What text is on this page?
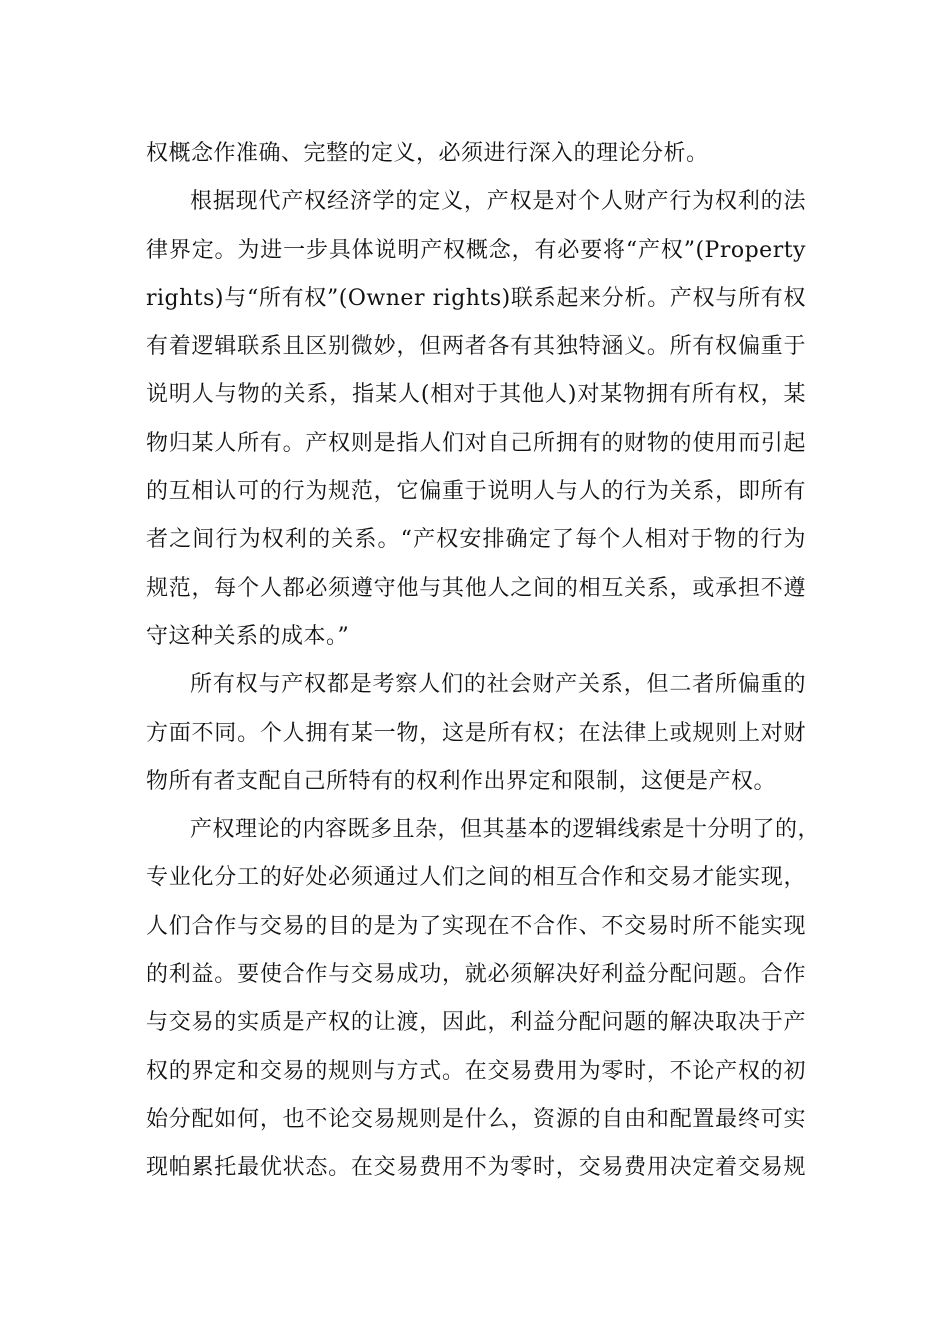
权概念作准确、完整的定义，必须进行深入的理论分析。
根据现代产权经济学的定义，产权是对个人财产行为权利的法
律界定。为进一步具体说明产权概念，有必要将“产权”(Property
rights)与“所有权”(Owner rights)联系起来分析。产权与所有权
有着逻辑联系且区别微妙，但两者各有其独特涵义。所有权偏重于
说明人与物的关系，指某人(相对于其他人)对某物拥有所有权，某
物归某人所有。产权则是指人们对自己所拥有的财物的使用而引起
的互相认可的行为规范，它偏重于说明人与人的行为关系，即所有
者之间行为权利的关系。“产权安排确定了每个人相对于物的行为
规范，每个人都必须遵守他与其他人之间的相互关系，或承担不遵
守这种关系的成本。”
所有权与产权都是考察人们的社会财产关系，但二者所偏重的
方面不同。个人拥有某一物，这是所有权；在法律上或规则上对财
物所有者支配自己所特有的权利作出界定和限制，这便是产权。
产权理论的内容既多且杂，但其基本的逻辑线索是十分明了的，
专业化分工的好处必须通过人们之间的相互合作和交易才能实现，
人们合作与交易的目的是为了实现在不合作、不交易时所不能实现
的利益。要使合作与交易成功，就必须解决好利益分配问题。合作
与交易的实质是产权的让渡，因此，利益分配问题的解决取决于产
权的界定和交易的规则与方式。在交易费用为零时，不论产权的初
始分配如何，也不论交易规则是什么，资源的自由和配置最终可实
现帕累托最优状态。在交易费用不为零时，交易费用决定着交易规
